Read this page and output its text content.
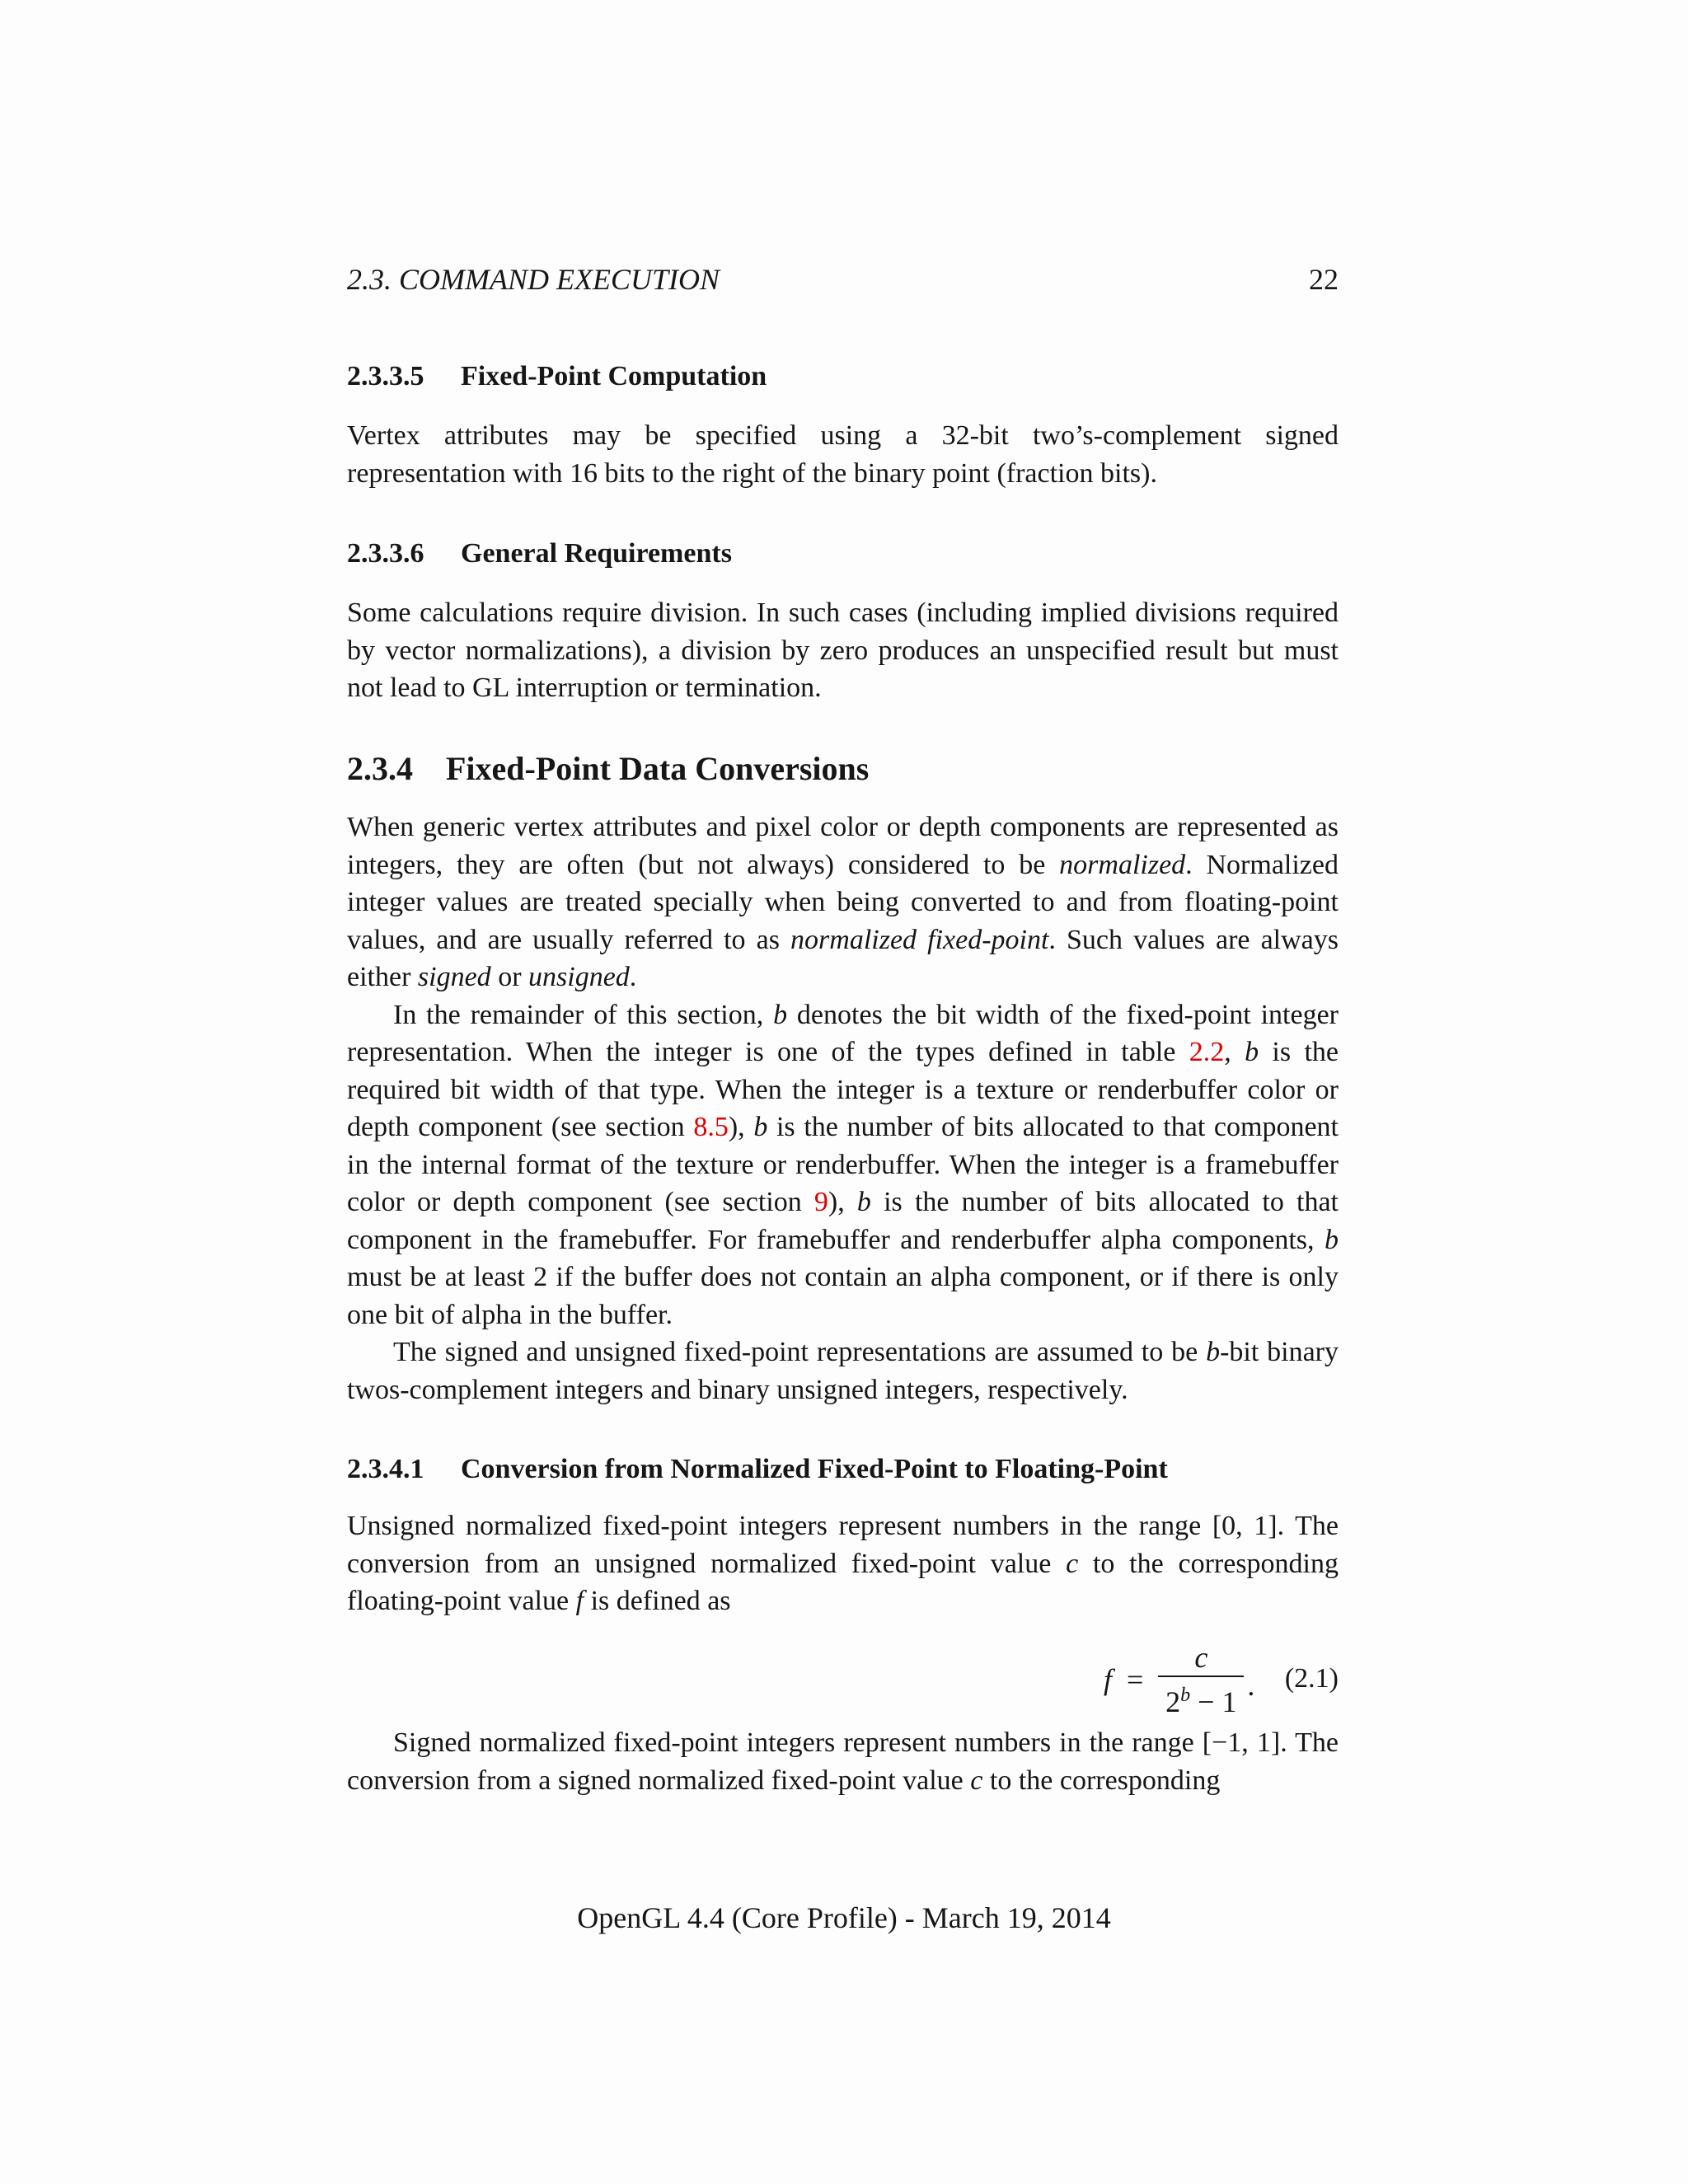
2.3. COMMAND EXECUTION	22
2.3.3.5 Fixed-Point Computation

Vertex attributes may be specified using a 32-bit two’s-complement signed representation with 16 bits to the right of the binary point (fraction bits).

2.3.3.6 General Requirements

Some calculations require division. In such cases (including implied divisions required by vector normalizations), a division by zero produces an unspecified result but must not lead to GL interruption or termination.

2.3.4 Fixed-Point Data Conversions

When generic vertex attributes and pixel color or depth components are represented as integers, they are often (but not always) considered to be normalized. Normalized integer values are treated specially when being converted to and from floating-point values, and are usually referred to as normalized fixed-point. Such values are always either signed or unsigned.

In the remainder of this section, b denotes the bit width of the fixed-point integer representation. When the integer is one of the types defined in table 2.2, b is the required bit width of that type. When the integer is a texture or renderbuffer color or depth component (see section 8.5), b is the number of bits allocated to that component in the internal format of the texture or renderbuffer. When the integer is a framebuffer color or depth component (see section 9), b is the number of bits allocated to that component in the framebuffer. For framebuffer and renderbuffer alpha components, b must be at least 2 if the buffer does not contain an alpha component, or if there is only one bit of alpha in the buffer.

The signed and unsigned fixed-point representations are assumed to be b-bit binary twos-complement integers and binary unsigned integers, respectively.

2.3.4.1 Conversion from Normalized Fixed-Point to Floating-Point

Unsigned normalized fixed-point integers represent numbers in the range [0, 1]. The conversion from an unsigned normalized fixed-point value c to the corresponding floating-point value f is defined as

$f = \frac{c}{2^b - 1}$ . (2.1)

Signed normalized fixed-point integers represent numbers in the range [−1, 1]. The conversion from a signed normalized fixed-point value c to the corresponding

OpenGL 4.4 (Core Profile) - March 19, 2014
